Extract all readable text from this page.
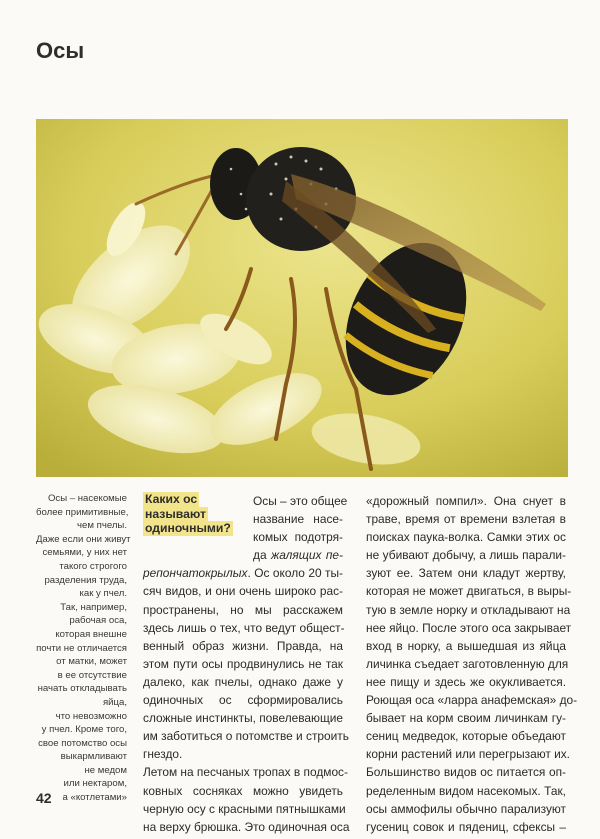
Осы
Осы – насекомые
более примитивные,
чем пчелы.
Даже если они живут
семьями, у них нет
такого строгого
разделения труда,
как у пчел.
Так, например,
рабочая оса,
которая внешне
почти не отличается
от матки, может
в ее отсутствие
начать откладывать
яйца,
что невозможно
у пчел. Кроме того,
свое потомство осы
выкармливают
не медом
или нектаром,
а «котлетами»
Каких ос
называют
одиночными?
Осы – это общее
название насе-
комых подотря-
да жалящих пе-
репончатокрылых. Ос около 20 ты-
сяч видов, и они очень широко рас-
пространены, но мы расскажем
здесь лишь о тех, что ведут общест-
венный образ жизни. Правда, на
этом пути осы продвинулись не так
далеко, как пчелы, однако даже у
одиночных ос сформировались
сложные инстинкты, повелевающие
им заботиться о потомстве и строить
гнездо.
Летом на песчаных тропах в подмос-
ковных сосняках можно увидеть
черную осу с красными пятнышками
на верху брюшка. Это одиночная оса
«дорожный помпил». Она снует в
траве, время от времени взлетая в
поисках паука-волка. Самки этих ос
не убивают добычу, а лишь парали-
зуют ее. Затем они кладут жертву,
которая не может двигаться, в выры-
тую в земле норку и откладывают на
нее яйцо. После этого оса закрывает
вход в норку, а вышедшая из яйца
личинка съедает заготовленную для
нее пищу и здесь же окукливается.
Роющая оса «ларра анафемская» до-
бывает на корм своим личинкам гу-
сениц медведок, которые объедают
корни растений или перегрызают их.
Большинство видов ос питается оп-
ределенным видом насекомых. Так,
осы аммофилы обычно парализуют
гусениц совок и пядениц, сфексы –
42
